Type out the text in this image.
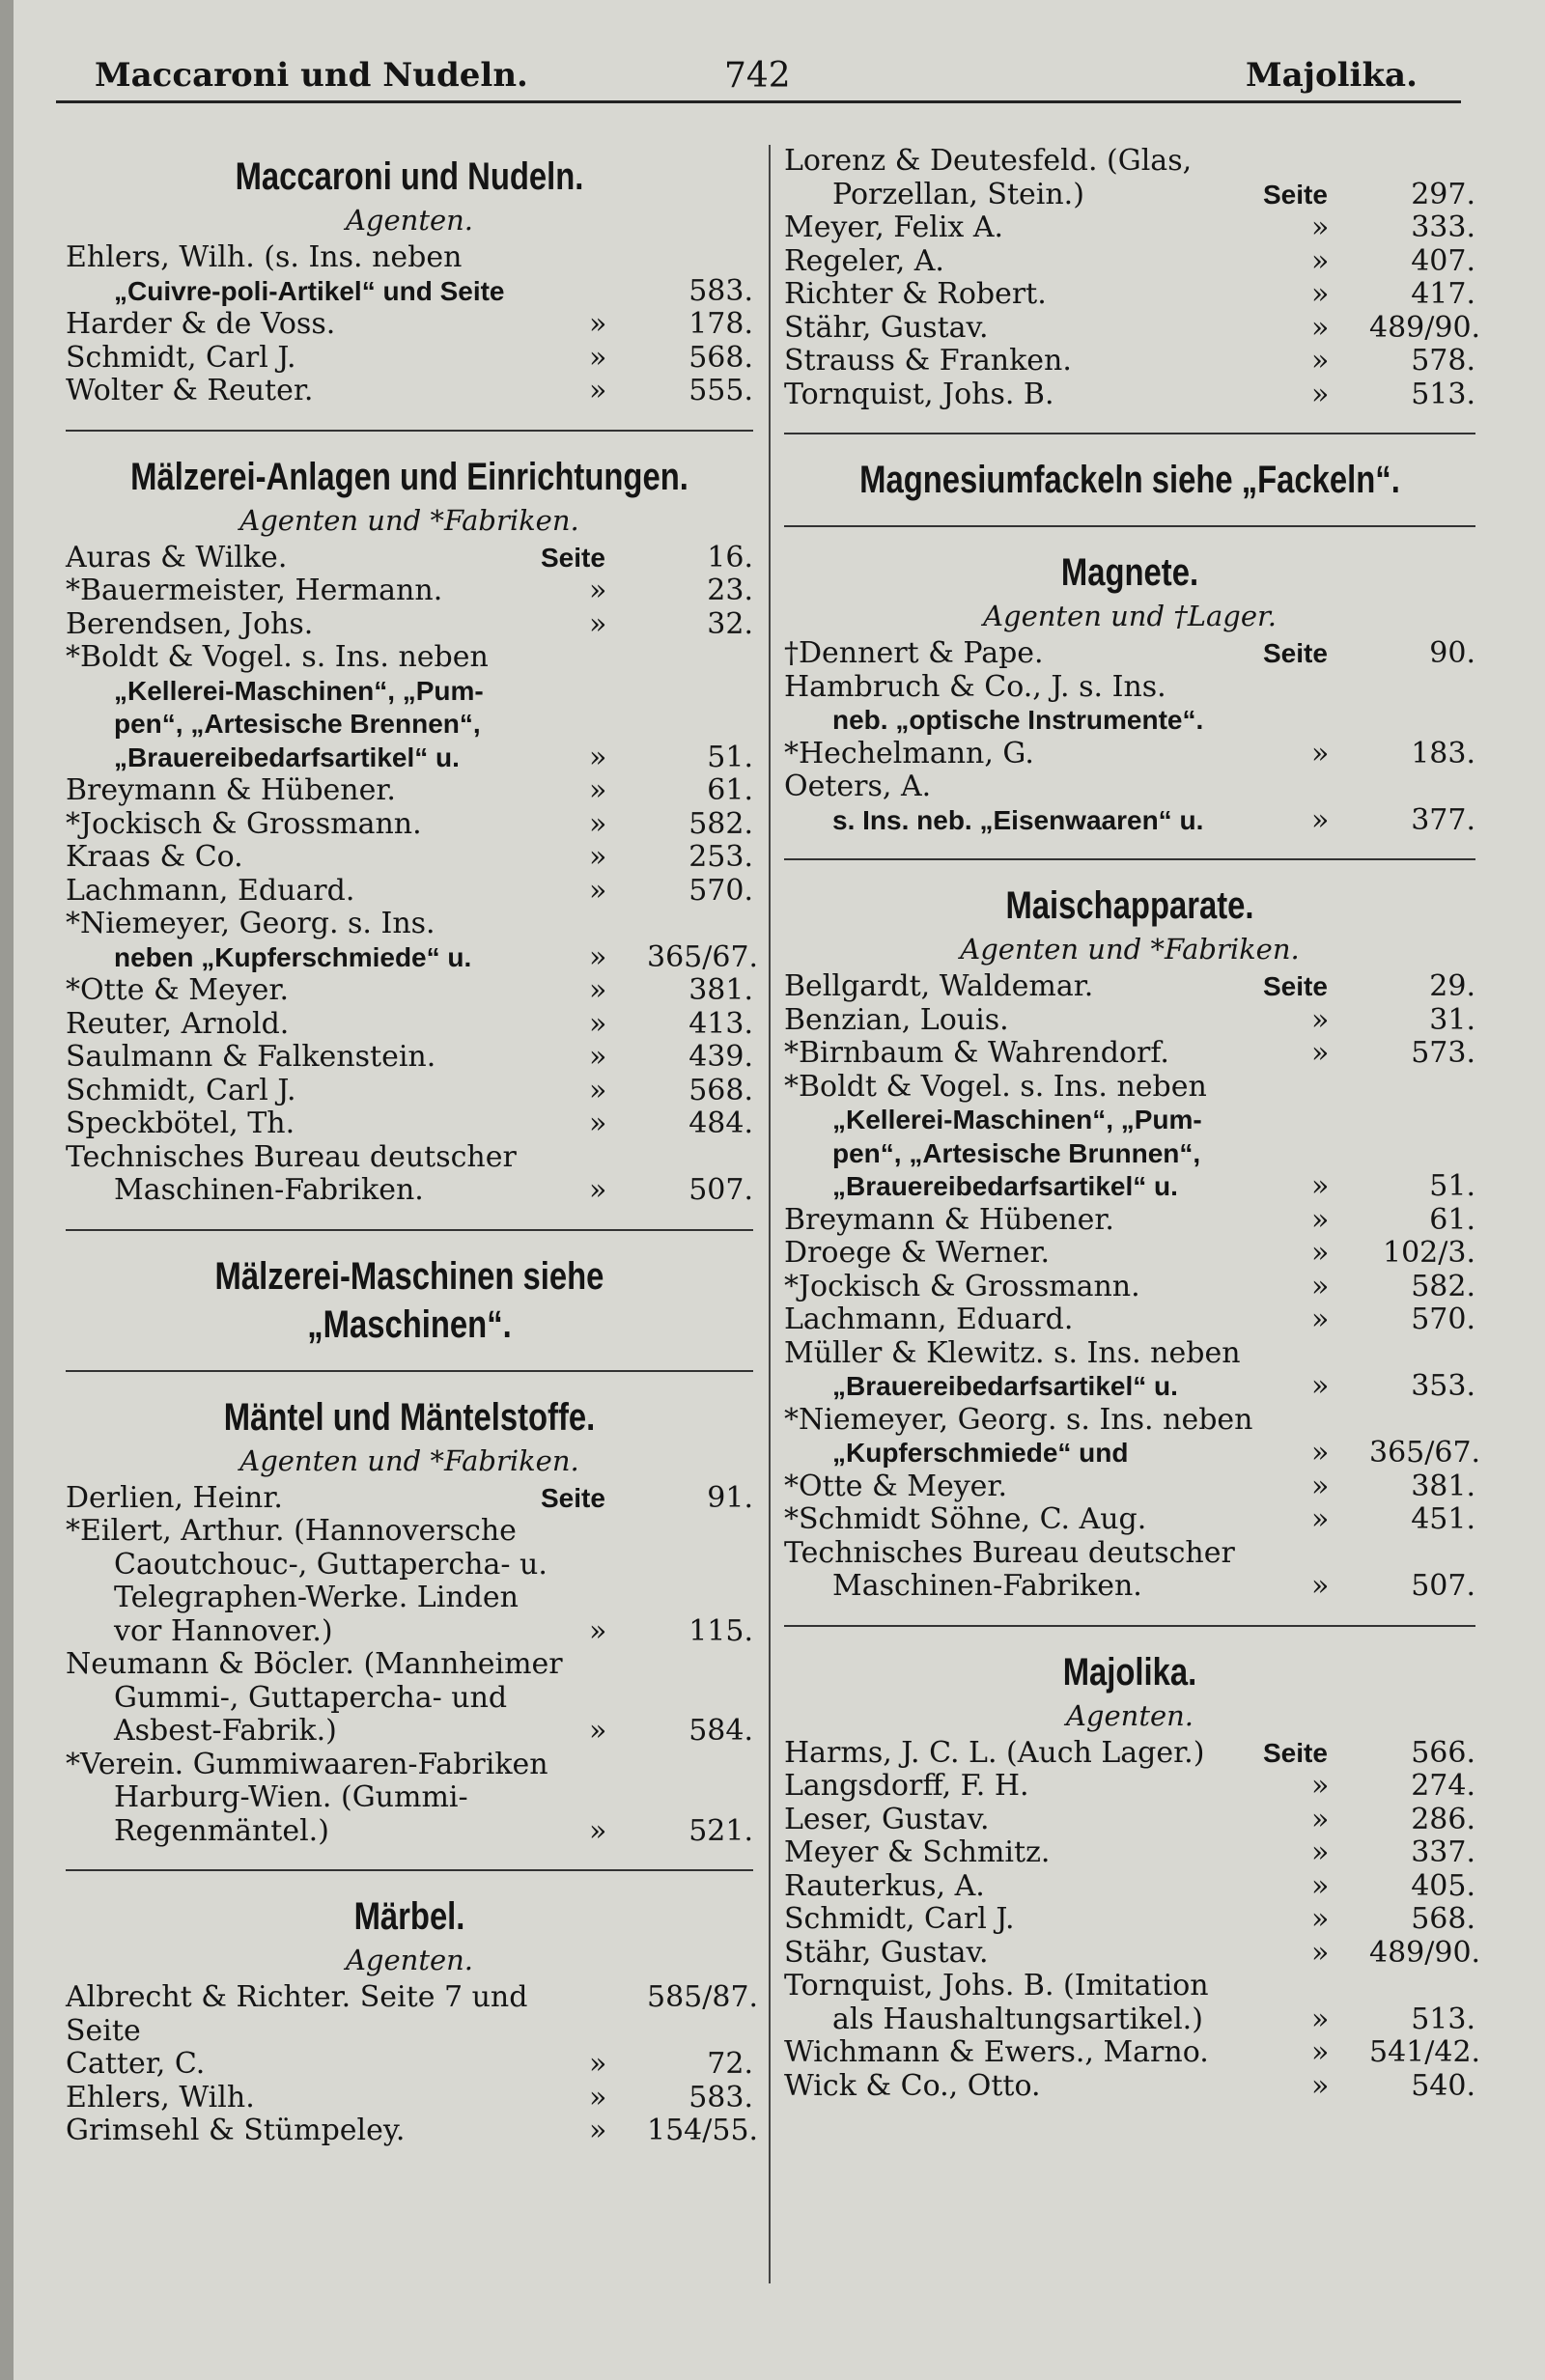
Maccaroni und Nudeln.	742	Majolika.
Maccaroni und Nudeln.
Agenten.
Ehlers, Wilh. (s. Ins. neben
„Cuivre-poli-Artikel“ und Seite	583.
Harder & de Voss.	»	178.
Schmidt, Carl J.	»	568.
Wolter & Reuter.	»	555.
Mälzerei-Anlagen und Einrichtungen.
Agenten und *Fabriken.
Auras & Wilke.	Seite	16.
*Bauermeister, Hermann.	»	23.
Berendsen, Johs.	»	32.
*Boldt & Vogel. s. Ins. neben
„Kellerei-Maschinen“, „Pum-
pen“, „Artesische Brennen“,
„Brauereibedarfsartikel“ u.	»	51.
Breymann & Hübener.	»	61.
*Jockisch & Grossmann.	»	582.
Kraas & Co.	»	253.
Lachmann, Eduard.	»	570.
*Niemeyer, Georg. s. Ins.
neben „Kupferschmiede“ u.	»	365/67.
*Otte & Meyer.	»	381.
Reuter, Arnold.	»	413.
Saulmann & Falkenstein.	»	439.
Schmidt, Carl J.	»	568.
Speckbötel, Th.	»	484.
Technisches Bureau deutscher
Maschinen-Fabriken.	»	507.
Mälzerei-Maschinen siehe „Maschinen“.
Mäntel und Mäntelstoffe.
Agenten und *Fabriken.
Derlien, Heinr.	Seite	91.
*Eilert, Arthur. (Hannoversche
Caoutchouc-, Guttapercha- u.
Telegraphen-Werke. Linden
vor Hannover.)	»	115.
Neumann & Böcler. (Mannheimer
Gummi-, Guttapercha- und
Asbest-Fabrik.)	»	584.
*Verein. Gummiwaaren-Fabriken
Harburg-Wien. (Gummi-
Regenmäntel.)	»	521.
Märbel.
Agenten.
Albrecht & Richter. Seite 7 und Seite
585/87.
Catter, C.	»	72.
Ehlers, Wilh.	»	583.
Grimsehl & Stümpeley.	»	154/55.
Lorenz & Deutesfeld. (Glas,
Porzellan, Stein.)	Seite	297.
Meyer, Felix A.	»	333.
Regeler, A.	»	407.
Richter & Robert.	»	417.
Stähr, Gustav.	»	489/90.
Strauss & Franken.	»	578.
Tornquist, Johs. B.	»	513.
Magnesiumfackeln siehe „Fackeln“.
Magnete.
Agenten und †Lager.
†Dennert & Pape.	Seite	90.
Hambruch & Co., J. s. Ins.
neb. „optische Instrumente“.
*Hechelmann, G.	»	183.
Oeters, A.
s. Ins. neb. „Eisenwaaren“ u.	»	377.
Maischapparate.
Agenten und *Fabriken.
Bellgardt, Waldemar.	Seite	29.
Benzian, Louis.	»	31.
*Birnbaum & Wahrendorf.	»	573.
*Boldt & Vogel. s. Ins. neben
„Kellerei-Maschinen“, „Pum-
pen“, „Artesische Brunnen“,
„Brauereibedarfsartikel“ u.	»	51.
Breymann & Hübener.	»	61.
Droege & Werner.	»	102/3.
*Jockisch & Grossmann.	»	582.
Lachmann, Eduard.	»	570.
Müller & Klewitz. s. Ins. neben
„Brauereibedarfsartikel“ u.	»	353.
*Niemeyer, Georg. s. Ins. neben
„Kupferschmiede“ und	»	365/67.
*Otte & Meyer.	»	381.
*Schmidt Söhne, C. Aug.	»	451.
Technisches Bureau deutscher
Maschinen-Fabriken.	»	507.
Majolika.
Agenten.
Harms, J. C. L. (Auch Lager.)	Seite	566.
Langsdorff, F. H.	»	274.
Leser, Gustav.	»	286.
Meyer & Schmitz.	»	337.
Rauterkus, A.	»	405.
Schmidt, Carl J.	»	568.
Stähr, Gustav.	»	489/90.
Tornquist, Johs. B. (Imitation
als Haushaltungsartikel.)	»	513.
Wichmann & Ewers., Marno.	»	541/42.
Wick & Co., Otto.	»	540.
